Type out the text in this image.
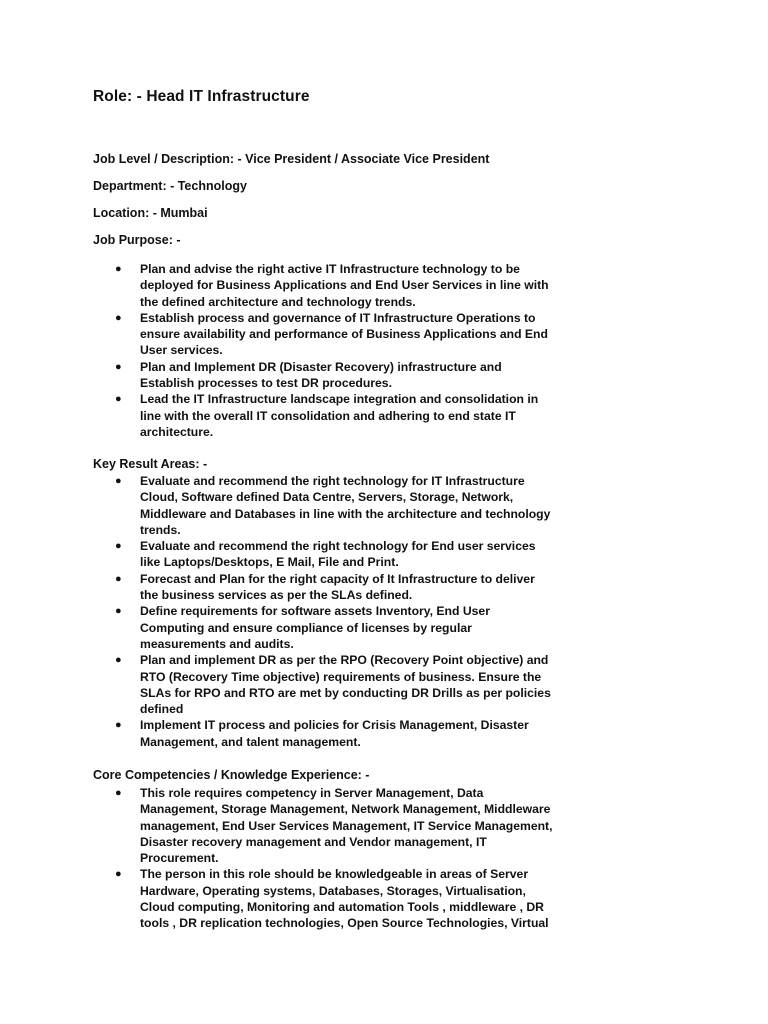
Role: - Head IT Infrastructure
Job Level / Description: - Vice President / Associate Vice President
Department: - Technology
Location: - Mumbai
Job Purpose: -
● Plan and advise the right active IT Infrastructure technology to be deployed for Business Applications and End User Services in line with the defined architecture and technology trends.
● Establish process and governance of IT Infrastructure Operations to ensure availability and performance of Business Applications and End User services.
● Plan and Implement DR (Disaster Recovery) infrastructure and Establish processes to test DR procedures.
● Lead the IT Infrastructure landscape integration and consolidation in line with the overall IT consolidation and adhering to end state IT architecture.
Key Result Areas: -
● Evaluate and recommend the right technology for IT Infrastructure Cloud, Software defined Data Centre, Servers, Storage, Network, Middleware and Databases in line with the architecture and technology trends.
● Evaluate and recommend the right technology for End user services like Laptops/Desktops, E Mail, File and Print.
● Forecast and Plan for the right capacity of It Infrastructure to deliver the business services as per the SLAs defined.
● Define requirements for software assets Inventory, End User Computing and ensure compliance of licenses by regular measurements and audits.
● Plan and implement DR as per the RPO (Recovery Point objective) and RTO (Recovery Time objective) requirements of business. Ensure the SLAs for RPO and RTO are met by conducting DR Drills as per policies defined
● Implement IT process and policies for Crisis Management, Disaster Management, and talent management.
Core Competencies / Knowledge Experience: -
● This role requires competency in Server Management, Data Management, Storage Management, Network Management, Middleware management, End User Services Management, IT Service Management, Disaster recovery management and Vendor management, IT Procurement.
● The person in this role should be knowledgeable in areas of Server Hardware, Operating systems, Databases, Storages, Virtualisation, Cloud computing, Monitoring and automation Tools , middleware , DR tools , DR replication technologies, Open Source Technologies, Virtual
